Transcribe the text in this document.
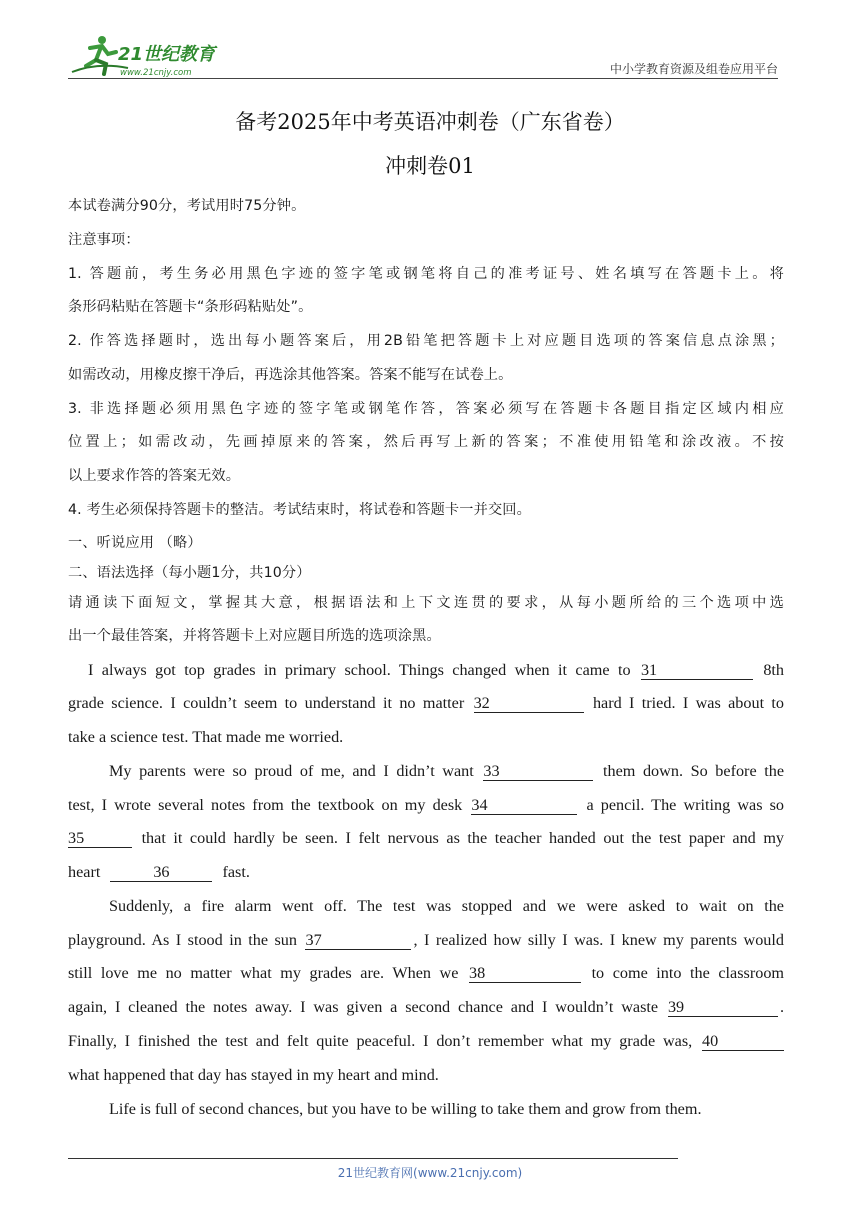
21世纪教育
www.21cnjy.com	中小学教育资源及组卷应用平台
备考2025年中考英语冲刺卷（广东省卷）
冲刺卷01
本试卷满分90分，考试用时75分钟。
注意事项：
1. 答题前，考生务必用黑色字迹的签字笔或钢笔将自己的准考证号、姓名填写在答题卡上。将
条形码粘贴在答题卡“条形码粘贴处”。
2. 作答选择题时，选出每小题答案后，用2B铅笔把答题卡上对应题目选项的答案信息点涂黑；
如需改动，用橡皮擦干净后，再选涂其他答案。答案不能写在试卷上。
3. 非选择题必须用黑色字迹的签字笔或钢笔作答，答案必须写在答题卡各题目指定区域内相应
位置上；如需改动，先画掉原来的答案，然后再写上新的答案；不准使用铅笔和涂改液。不按
以上要求作答的答案无效。
4. 考生必须保持答题卡的整洁。考试结束时，将试卷和答题卡一并交回。
一、听说应用 （略）
二、语法选择（每小题1分，共10分）
请通读下面短文，掌握其大意，根据语法和上下文连贯的要求，从每小题所给的三个选项中选
出一个最佳答案，并将答题卡上对应题目所选的选项涂黑。
I always got top grades in primary school. Things changed when it came to 31	8th
grade science. I couldn’t seem to understand it no matter 32	hard I tried. I was about to
take a science test. That made me worried.
My parents were so proud of me, and I didn’t want 33	them down. So before the
test, I wrote several notes from the textbook on my desk 34	a pencil. The writing was so
35	that it could hardly be seen. I felt nervous as the teacher handed out the test paper and my
heart	36	fast.
Suddenly, a fire alarm went off. The test was stopped and we were asked to wait on the
playground. As I stood in the sun 37	, I realized how silly I was. I knew my parents would
still love me no matter what my grades are. When we 38	to come into the classroom
again, I cleaned the notes away. I was given a second chance and I wouldn’t waste 39	.
Finally, I finished the test and felt quite peaceful. I don’t remember what my grade was, 40
what happened that day has stayed in my heart and mind.
Life is full of second chances, but you have to be willing to take them and grow from them.
21世纪教育网(www.21cnjy.com)
